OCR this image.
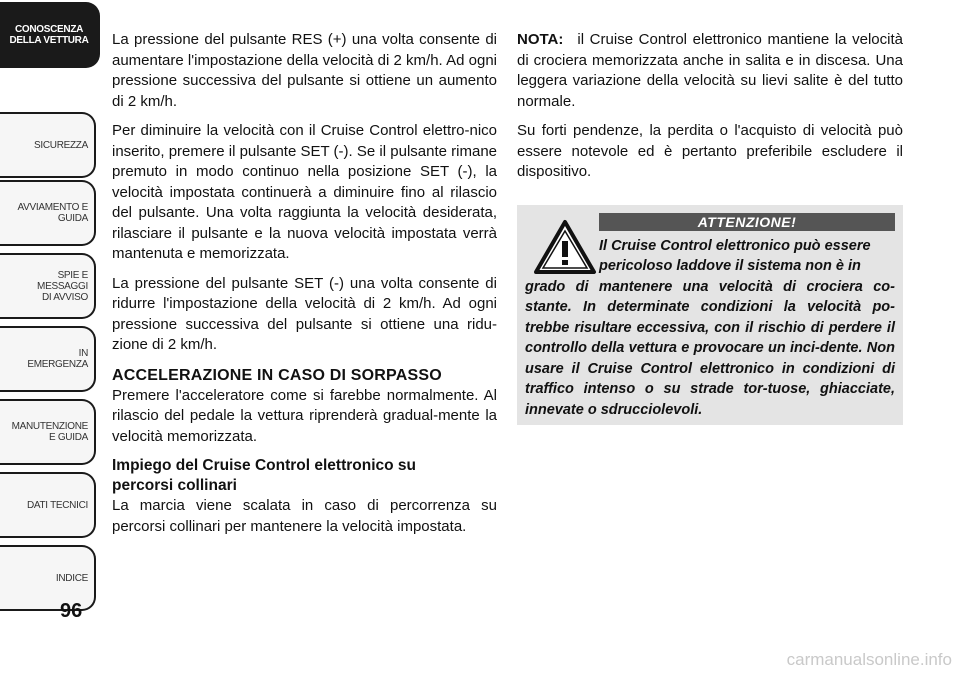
CONOSCENZA
DELLA VETTURA
SICUREZZA
AVVIAMENTO E
GUIDA
SPIE E
MESSAGGI
DI AVVISO
IN
EMERGENZA
MANUTENZIONE
E GUIDA
DATI TECNICI
INDICE
96

La pressione del pulsante RES (+) una volta consente di aumentare l'impostazione della velocità di 2 km/h. Ad ogni pressione successiva del pulsante si ottiene un aumento di 2 km/h.

Per diminuire la velocità con il Cruise Control elettro-nico inserito, premere il pulsante SET (-). Se il pulsante rimane premuto in modo continuo nella posizione SET (-), la velocità impostata continuerà a diminuire fino al rilascio del pulsante. Una volta raggiunta la velocità desiderata, rilasciare il pulsante e la nuova velocità impostata verrà mantenuta e memorizzata.

La pressione del pulsante SET (-) una volta consente di ridurre l'impostazione della velocità di 2 km/h. Ad ogni pressione successiva del pulsante si ottiene una ridu-zione di 2 km/h.

ACCELERAZIONE IN CASO DI SORPASSO

Premere l'acceleratore come si farebbe normalmente. Al rilascio del pedale la vettura riprenderà gradual-mente la velocità memorizzata.

Impiego del Cruise Control elettronico su
percorsi collinari

La marcia viene scalata in caso di percorrenza su percorsi collinari per mantenere la velocità impostata.

NOTA: il Cruise Control elettronico mantiene la velocità di crociera memorizzata anche in salita e in discesa. Una leggera variazione della velocità su lievi salite è del tutto normale.

Su forti pendenze, la perdita o l'acquisto di velocità può essere notevole ed è pertanto preferibile escludere il dispositivo.

ATTENZIONE!
Il Cruise Control elettronico può essere
pericoloso laddove il sistema non è in
grado di mantenere una velocità di crociera co-stante. In determinate condizioni la velocità po-trebbe risultare eccessiva, con il rischio di perdere il controllo della vettura e provocare un inci-dente. Non usare il Cruise Control elettronico in condizioni di traffico intenso o su strade tor-tuose, ghiacciate, innevate o sdrucciolevoli.
carmanualsonline.info
